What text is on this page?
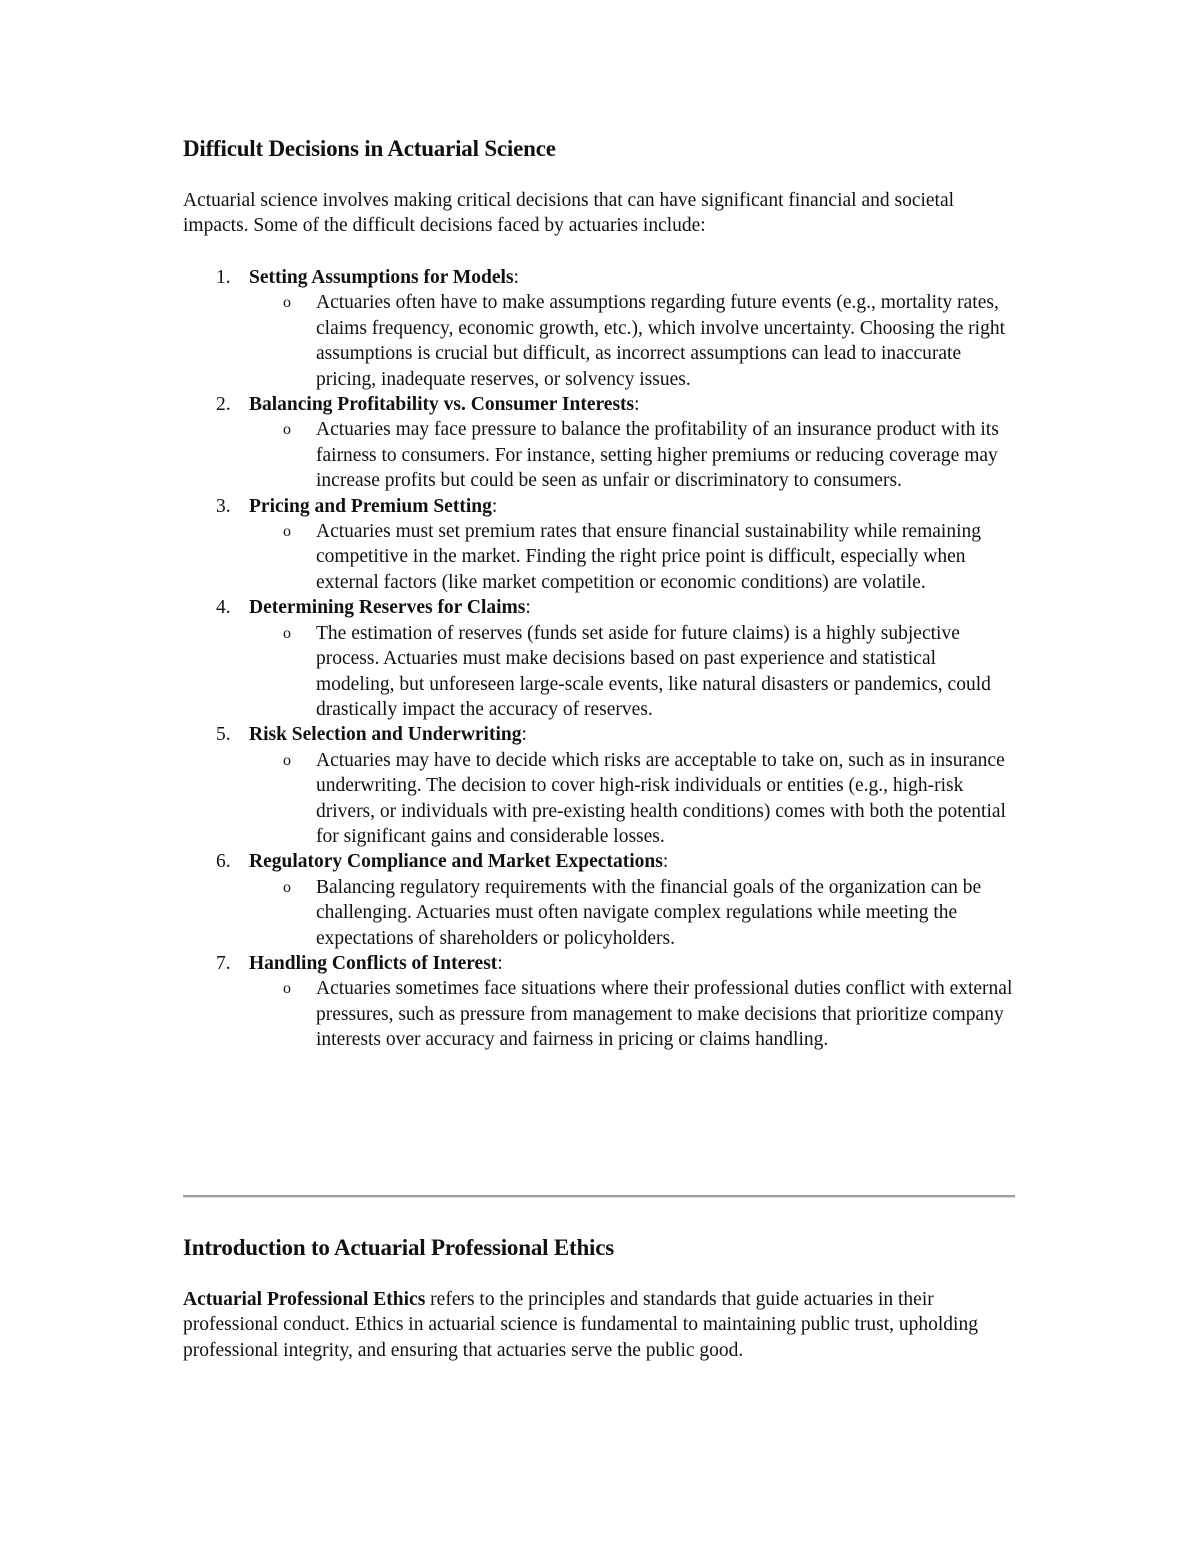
Difficult Decisions in Actuarial Science

Actuarial science involves making critical decisions that can have significant financial and societal impacts. Some of the difficult decisions faced by actuaries include:

1. Setting Assumptions for Models:
o Actuaries often have to make assumptions regarding future events (e.g., mortality rates, claims frequency, economic growth, etc.), which involve uncertainty. Choosing the right assumptions is crucial but difficult, as incorrect assumptions can lead to inaccurate pricing, inadequate reserves, or solvency issues.
2. Balancing Profitability vs. Consumer Interests:
o Actuaries may face pressure to balance the profitability of an insurance product with its fairness to consumers. For instance, setting higher premiums or reducing coverage may increase profits but could be seen as unfair or discriminatory to consumers.
3. Pricing and Premium Setting:
o Actuaries must set premium rates that ensure financial sustainability while remaining competitive in the market. Finding the right price point is difficult, especially when external factors (like market competition or economic conditions) are volatile.
4. Determining Reserves for Claims:
o The estimation of reserves (funds set aside for future claims) is a highly subjective process. Actuaries must make decisions based on past experience and statistical modeling, but unforeseen large-scale events, like natural disasters or pandemics, could drastically impact the accuracy of reserves.
5. Risk Selection and Underwriting:
o Actuaries may have to decide which risks are acceptable to take on, such as in insurance underwriting. The decision to cover high-risk individuals or entities (e.g., high-risk drivers, or individuals with pre-existing health conditions) comes with both the potential for significant gains and considerable losses.
6. Regulatory Compliance and Market Expectations:
o Balancing regulatory requirements with the financial goals of the organization can be challenging. Actuaries must often navigate complex regulations while meeting the expectations of shareholders or policyholders.
7. Handling Conflicts of Interest:
o Actuaries sometimes face situations where their professional duties conflict with external pressures, such as pressure from management to make decisions that prioritize company interests over accuracy and fairness in pricing or claims handling.
Introduction to Actuarial Professional Ethics

Actuarial Professional Ethics refers to the principles and standards that guide actuaries in their professional conduct. Ethics in actuarial science is fundamental to maintaining public trust, upholding professional integrity, and ensuring that actuaries serve the public good.
